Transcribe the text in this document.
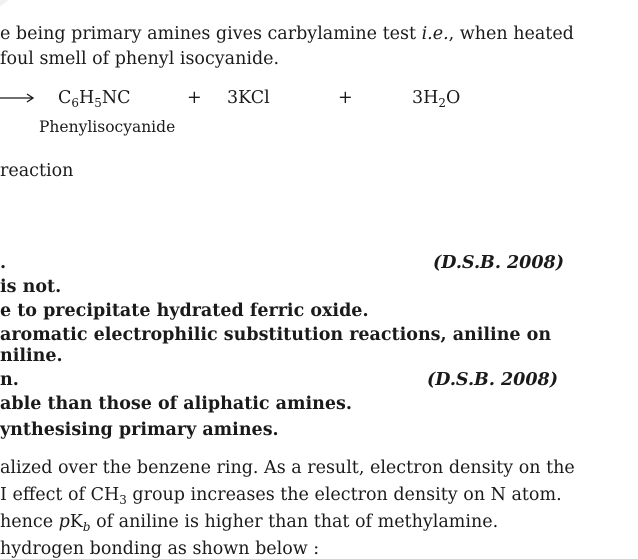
e being primary amines gives carbylamine test i.e., when heated
foul smell of phenyl isocyanide.
→ $C_6H_5NC$	+ 3KCl	+	$3H_2O$
Phenylisocyanide
reaction
.	(D.S.B. 2008)
is not.
e to precipitate hydrated ferric oxide.
aromatic electrophilic substitution reactions, aniline on
niline.
n.	(D.S.B. 2008)
able than those of aliphatic amines.
ynthesising primary amines.
alized over the benzene ring. As a result, electron density on the
I effect of $CH_3$ group increases the electron density on N atom.
hence $pK_b$ of aniline is higher than that of methylamine.
hydrogen bonding as shown below :
